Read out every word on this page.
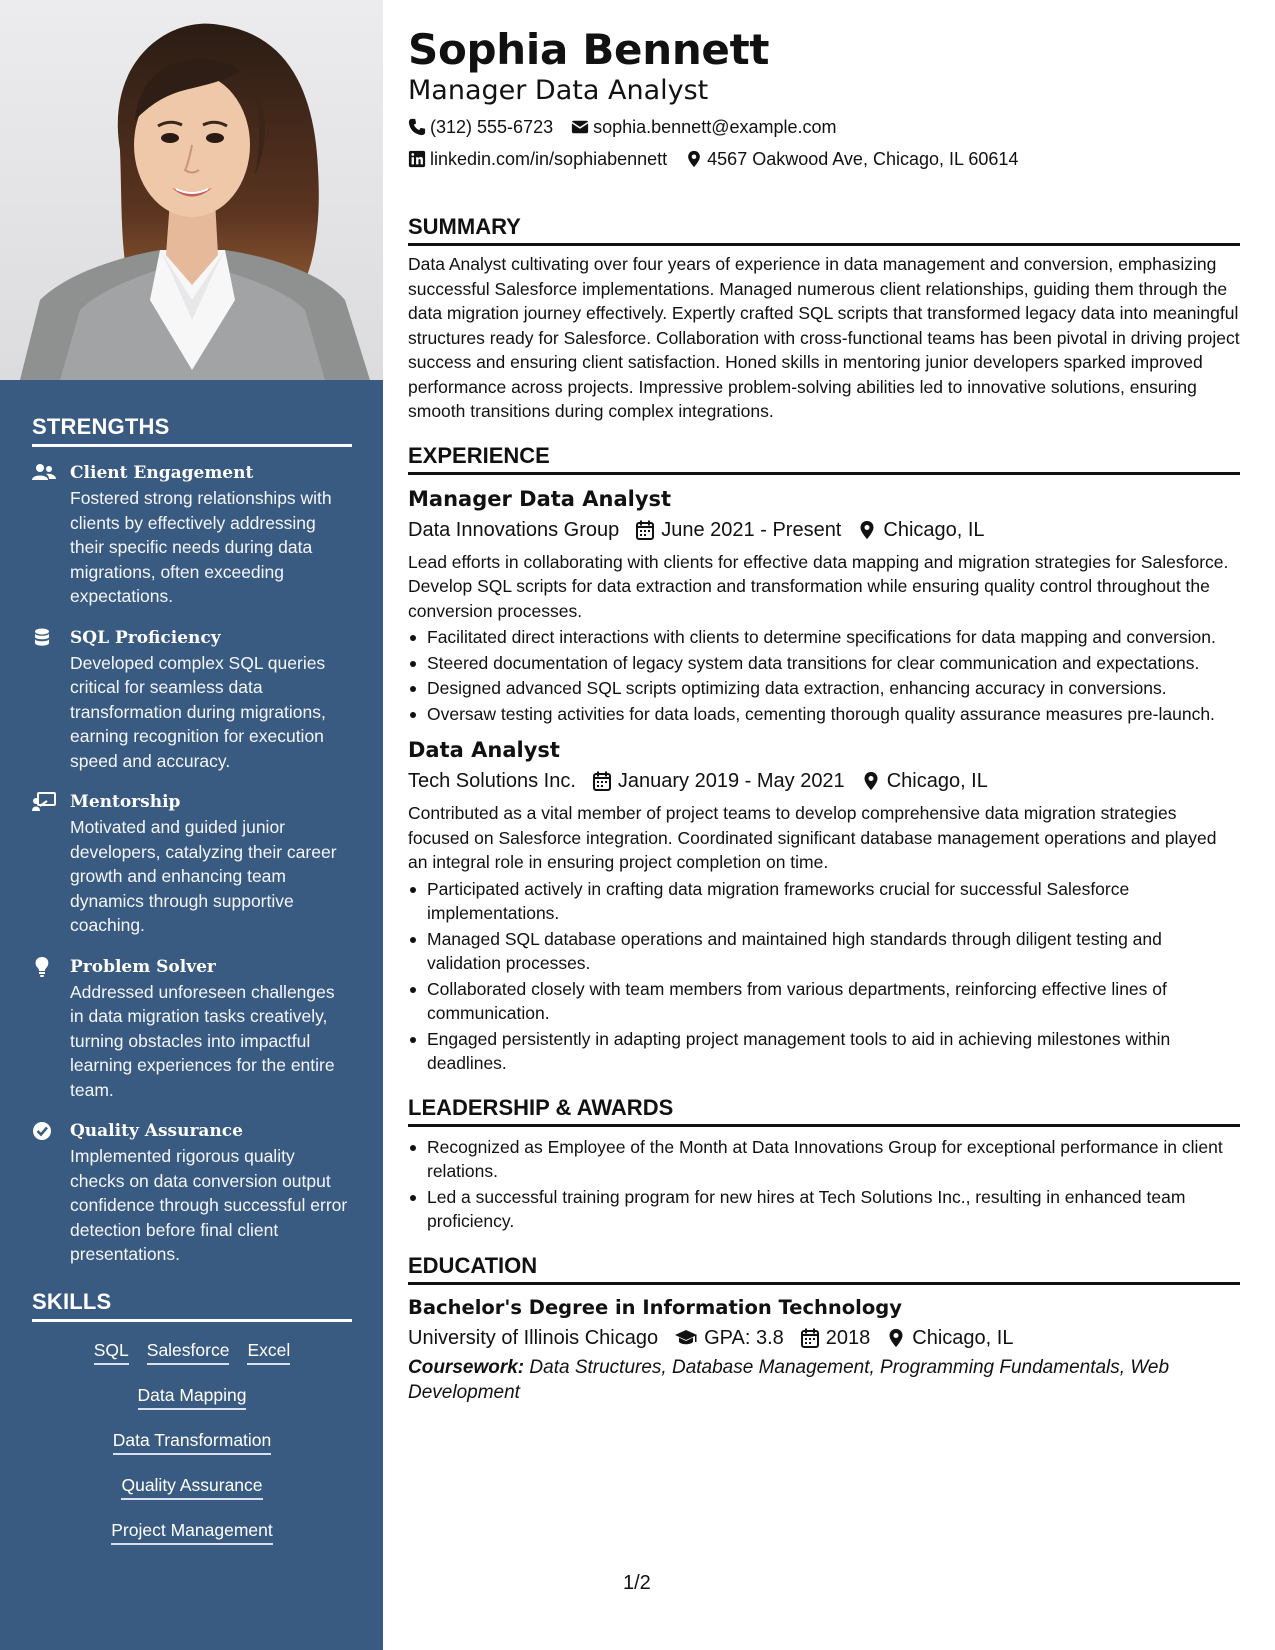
STRENGTHS
Client Engagement
Fostered strong relationships with clients by effectively addressing their specific needs during data migrations, often exceeding expectations.
SQL Proficiency
Developed complex SQL queries critical for seamless data transformation during migrations, earning recognition for execution speed and accuracy.
Mentorship
Motivated and guided junior developers, catalyzing their career growth and enhancing team dynamics through supportive coaching.
Problem Solver
Addressed unforeseen challenges in data migration tasks creatively, turning obstacles into impactful learning experiences for the entire team.
Quality Assurance
Implemented rigorous quality checks on data conversion output confidence through successful error detection before final client presentations.
SKILLS
SQL Salesforce Excel
Data Mapping
Data Transformation
Quality Assurance
Project Management
Sophia Bennett
Manager Data Analyst
(312) 555-6723 sophia.bennett@example.com
linkedin.com/in/sophiabennett 4567 Oakwood Ave, Chicago, IL 60614
SUMMARY
Data Analyst cultivating over four years of experience in data management and conversion, emphasizing successful Salesforce implementations. Managed numerous client relationships, guiding them through the data migration journey effectively. Expertly crafted SQL scripts that transformed legacy data into meaningful structures ready for Salesforce. Collaboration with cross-functional teams has been pivotal in driving project success and ensuring client satisfaction. Honed skills in mentoring junior developers sparked improved performance across projects. Impressive problem-solving abilities led to innovative solutions, ensuring smooth transitions during complex integrations.
EXPERIENCE
Manager Data Analyst
Data Innovations Group June 2021 - Present Chicago, IL
Lead efforts in collaborating with clients for effective data mapping and migration strategies for Salesforce. Develop SQL scripts for data extraction and transformation while ensuring quality control throughout the conversion processes.
Facilitated direct interactions with clients to determine specifications for data mapping and conversion.
Steered documentation of legacy system data transitions for clear communication and expectations.
Designed advanced SQL scripts optimizing data extraction, enhancing accuracy in conversions.
Oversaw testing activities for data loads, cementing thorough quality assurance measures pre-launch.
Data Analyst
Tech Solutions Inc. January 2019 - May 2021 Chicago, IL
Contributed as a vital member of project teams to develop comprehensive data migration strategies focused on Salesforce integration. Coordinated significant database management operations and played an integral role in ensuring project completion on time.
Participated actively in crafting data migration frameworks crucial for successful Salesforce implementations.
Managed SQL database operations and maintained high standards through diligent testing and validation processes.
Collaborated closely with team members from various departments, reinforcing effective lines of communication.
Engaged persistently in adapting project management tools to aid in achieving milestones within deadlines.
LEADERSHIP & AWARDS
Recognized as Employee of the Month at Data Innovations Group for exceptional performance in client relations.
Led a successful training program for new hires at Tech Solutions Inc., resulting in enhanced team proficiency.
EDUCATION
Bachelor's Degree in Information Technology
University of Illinois Chicago GPA: 3.8 2018 Chicago, IL
Coursework: Data Structures, Database Management, Programming Fundamentals, Web Development
1/2
